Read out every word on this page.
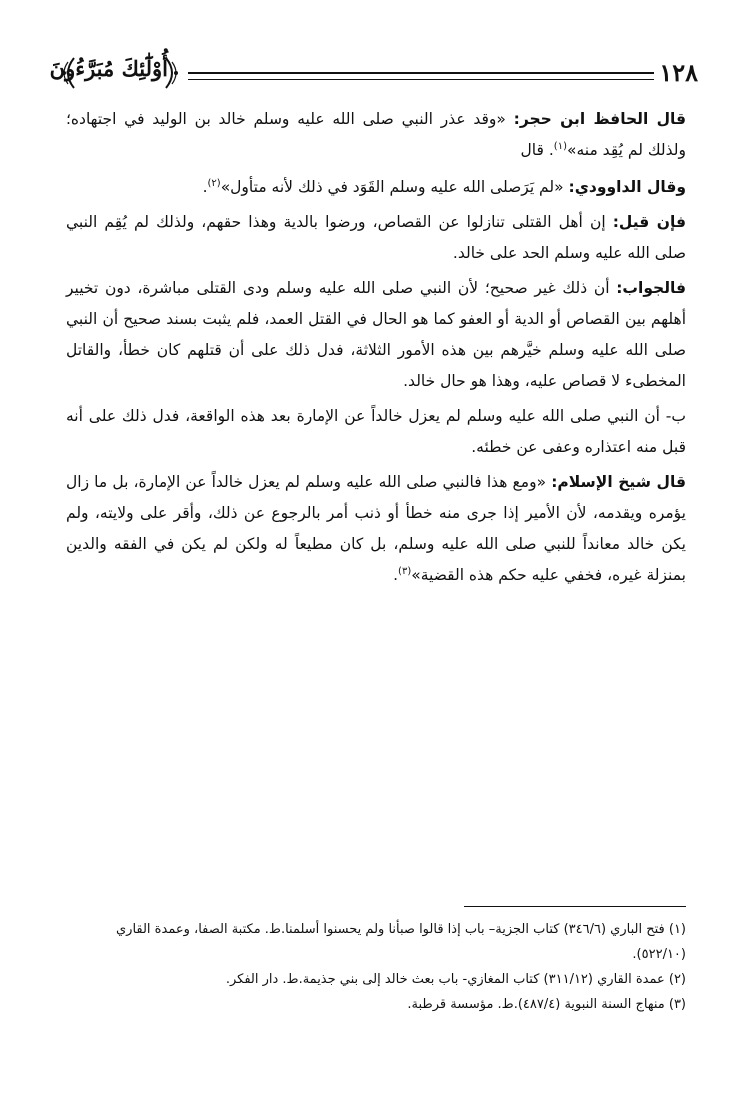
أُوْلَٰٓئِكَ مُبَرَّءُونَ	١٢٨

قال الحافظ ابن حجر: «وقد عذر النبي صلى الله عليه وسلم خالد بن الوليد في اجتهاده؛ ولذلك لم يُقِد منه»$^{(١)}$. قال

وقال الداوودي: «لم يَرَصلى الله عليه وسلم القَوَد في ذلك لأنه متأول»$^{(٢)}$.

فإن قيل: إن أهل القتلى تنازلوا عن القصاص، ورضوا بالدية وهذا حقهم، ولذلك لم يُقِم النبي صلى الله عليه وسلم الحد على خالد.

فالجواب: أن ذلك غير صحيح؛ لأن النبي صلى الله عليه وسلم ودى القتلى مباشرة، دون تخيير أهلهم بين القصاص أو الدية أو العفو كما هو الحال في القتل العمد، فلم يثبت بسند صحيح أن النبي صلى الله عليه وسلم خيَّرهم بين هذه الأمور الثلاثة، فدل ذلك على أن قتلهم كان خطأ، والقاتل المخطىء لا قصاص عليه، وهذا هو حال خالد.

ب- أن النبي صلى الله عليه وسلم لم يعزل خالداً عن الإمارة بعد هذه الواقعة، فدل ذلك على أنه قبل منه اعتذاره وعفى عن خطئه.

قال شيخ الإسلام: «ومع هذا فالنبي صلى الله عليه وسلم لم يعزل خالداً عن الإمارة، بل ما زال يؤمره ويقدمه، لأن الأمير إذا جرى منه خطأ أو ذنب أمر بالرجوع عن ذلك، وأقر على ولايته، ولم يكن خالد معانداً للنبي صلى الله عليه وسلم، بل كان مطيعاً له ولكن لم يكن في الفقه والدين بمنزلة غيره، فخفي عليه حكم هذه القضية»$^{(٣)}$.

(١) فتح الباري (٣٤٦/٦) كتاب الجزية– باب إذا قالوا صبأنا ولم يحسنوا أسلمنا.ط. مكتبة الصفا، وعمدة القاري (٥٢٢/١٠).

(٢) عمدة القاري (٣١١/١٢) كتاب المغازي- باب بعث خالد إلى بني جذيمة.ط. دار الفكر.

(٣) منهاج السنة النبوية (٤٨٧/٤).ط. مؤسسة قرطبة.
